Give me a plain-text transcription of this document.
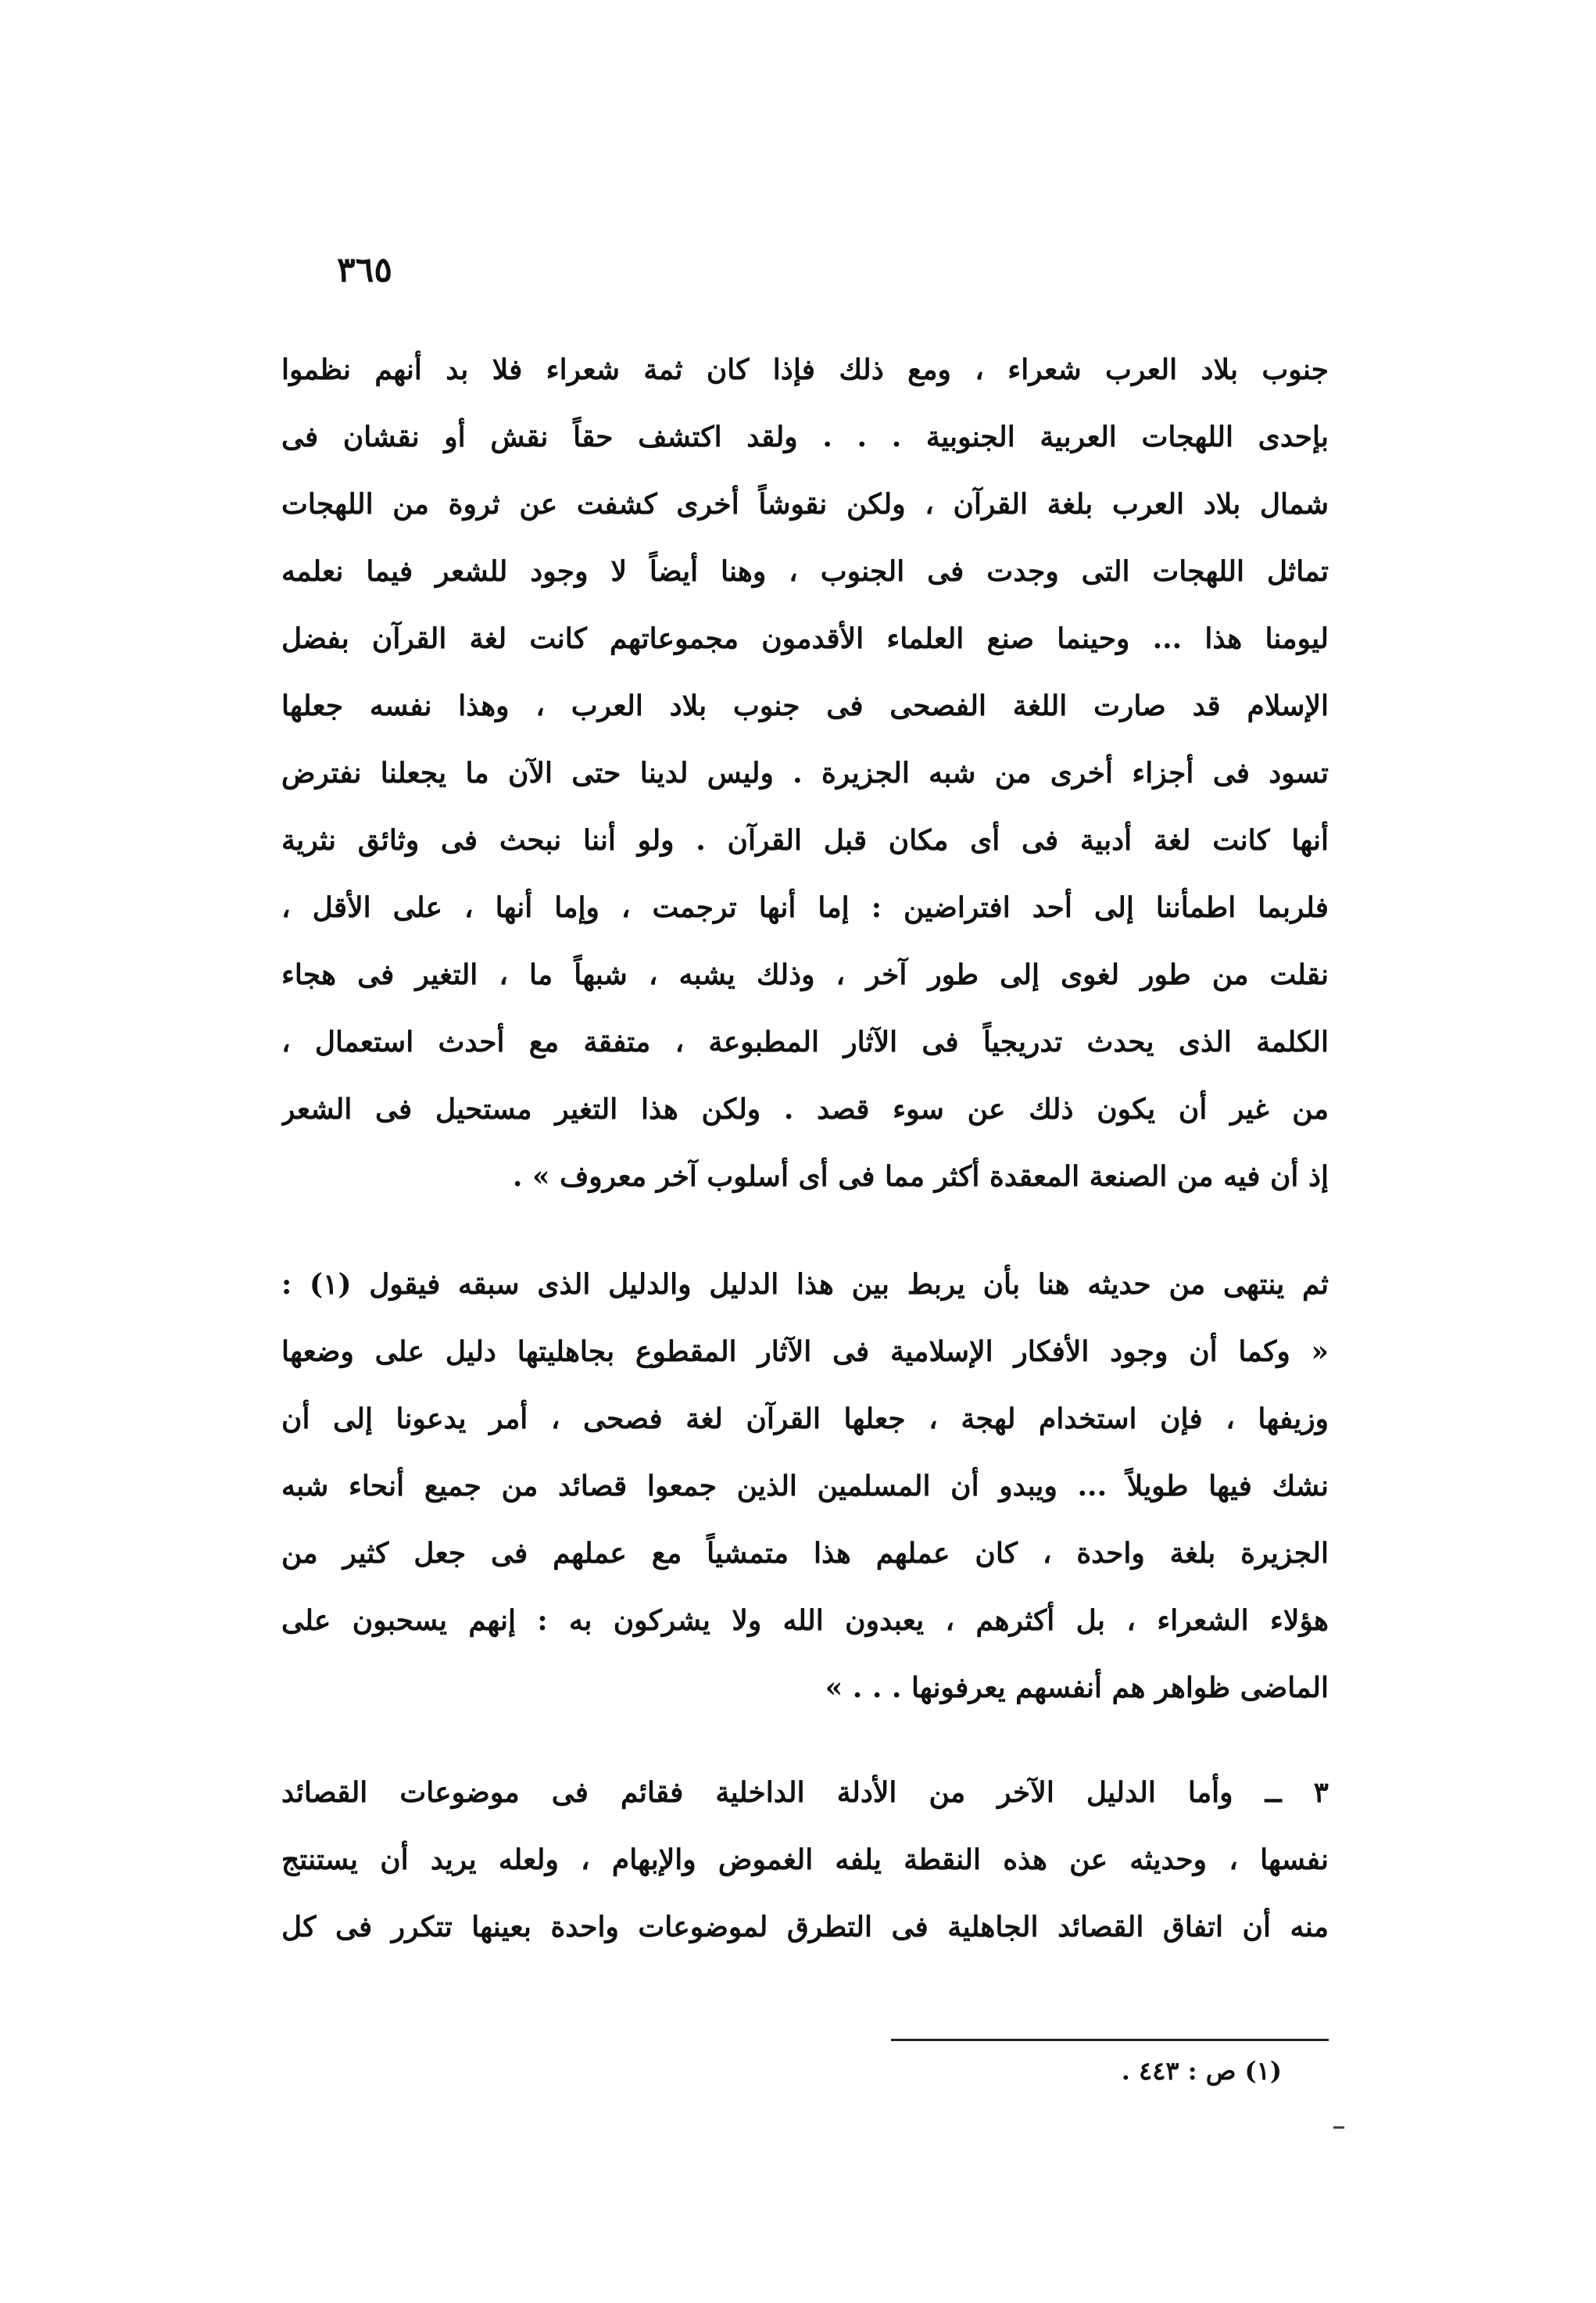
٣٦٥
جنوب بلاد العرب شعراء ، ومع ذلك فإذا كان ثمة شعراء فلا بد أنهم نظموا
بإحدى اللهجات العربية الجنوبية . . . ولقد اكتشف حقاً نقش أو نقشان فى
شمال بلاد العرب بلغة القرآن ، ولكن نقوشاً أخرى كشفت عن ثروة من اللهجات
تماثل اللهجات التى وجدت فى الجنوب ، وهنا أيضاً لا وجود للشعر فيما نعلمه
ليومنا هذا ... وحينما صنع العلماء الأقدمون مجموعاتهم كانت لغة القرآن بفضل
الإسلام قد صارت اللغة الفصحى فى جنوب بلاد العرب ، وهذا نفسه جعلها
تسود فى أجزاء أخرى من شبه الجزيرة . وليس لدينا حتى الآن ما يجعلنا نفترض
أنها كانت لغة أدبية فى أى مكان قبل القرآن . ولو أننا نبحث فى وثائق نثرية
فلربما اطمأننا إلى أحد افتراضين : إما أنها ترجمت ، وإما أنها ، على الأقل ،
نقلت من طور لغوى إلى طور آخر ، وذلك يشبه ، شبهاً ما ، التغير فى هجاء
الكلمة الذى يحدث تدريجياً فى الآثار المطبوعة ، متفقة مع أحدث استعمال ،
من غير أن يكون ذلك عن سوء قصد . ولكن هذا التغير مستحيل فى الشعر
إذ أن فيه من الصنعة المعقدة أكثر مما فى أى أسلوب آخر معروف » .
ثم ينتهى من حديثه هنا بأن يربط بين هذا الدليل والدليل الذى سبقه فيقول (١) :
« وكما أن وجود الأفكار الإسلامية فى الآثار المقطوع بجاهليتها دليل على وضعها
وزيفها ، فإن استخدام لهجة ، جعلها القرآن لغة فصحى ، أمر يدعونا إلى أن
نشك فيها طويلاً ... ويبدو أن المسلمين الذين جمعوا قصائد من جميع أنحاء شبه
الجزيرة بلغة واحدة ، كان عملهم هذا متمشياً مع عملهم فى جعل كثير من
هؤلاء الشعراء ، بل أكثرهم ، يعبدون الله ولا يشركون به : إنهم يسحبون على
الماضى ظواهر هم أنفسهم يعرفونها . . . »
٣ ــ وأما الدليل الآخر من الأدلة الداخلية فقائم فى موضوعات القصائد
نفسها ، وحديثه عن هذه النقطة يلفه الغموض والإبهام ، ولعله يريد أن يستنتج
منه أن اتفاق القصائد الجاهلية فى التطرق لموضوعات واحدة بعينها تتكرر فى كل
(١) ص : ٤٤٣ .
